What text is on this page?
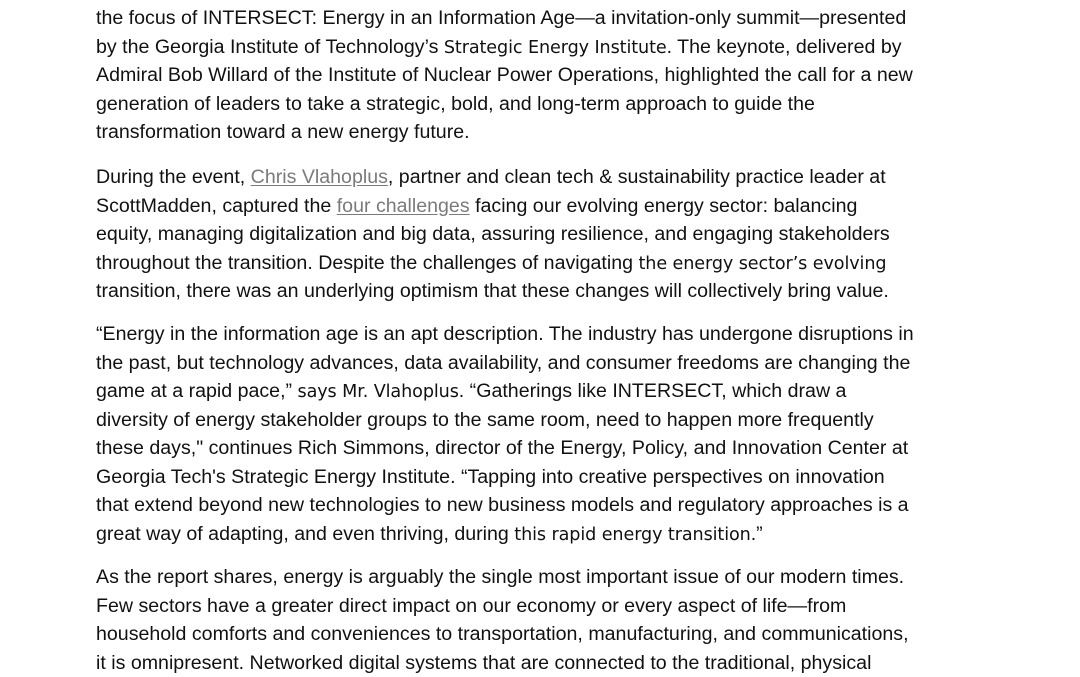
the focus of INTERSECT: Energy in an Information Age—a invitation-only summit—presented
by the Georgia Institute of Technology’s Strategic Energy Institute. The keynote, delivered by
Admiral Bob Willard of the Institute of Nuclear Power Operations, highlighted the call for a new
generation of leaders to take a strategic, bold, and long-term approach to guide the
transformation toward a new energy future.

During the event, Chris Vlahoplus, partner and clean tech & sustainability practice leader at
ScottMadden, captured the four challenges facing our evolving energy sector: balancing
equity, managing digitalization and big data, assuring resilience, and engaging stakeholders
throughout the transition. Despite the challenges of navigating the energy sector’s evolving
transition, there was an underlying optimism that these changes will collectively bring value.

“Energy in the information age is an apt description. The industry has undergone disruptions in
the past, but technology advances, data availability, and consumer freedoms are changing the
game at a rapid pace,” says Mr. Vlahoplus. “Gatherings like INTERSECT, which draw a
diversity of energy stakeholder groups to the same room, need to happen more frequently
these days," continues Rich Simmons, director of the Energy, Policy, and Innovation Center at
Georgia Tech's Strategic Energy Institute. “Tapping into creative perspectives on innovation
that extend beyond new technologies to new business models and regulatory approaches is a
great way of adapting, and even thriving, during this rapid energy transition.”

As the report shares, energy is arguably the single most important issue of our modern times.
Few sectors have a greater direct impact on our economy or every aspect of life—from
household comforts and conveniences to transportation, manufacturing, and communications,
it is omnipresent. Networked digital systems that are connected to the traditional, physical
